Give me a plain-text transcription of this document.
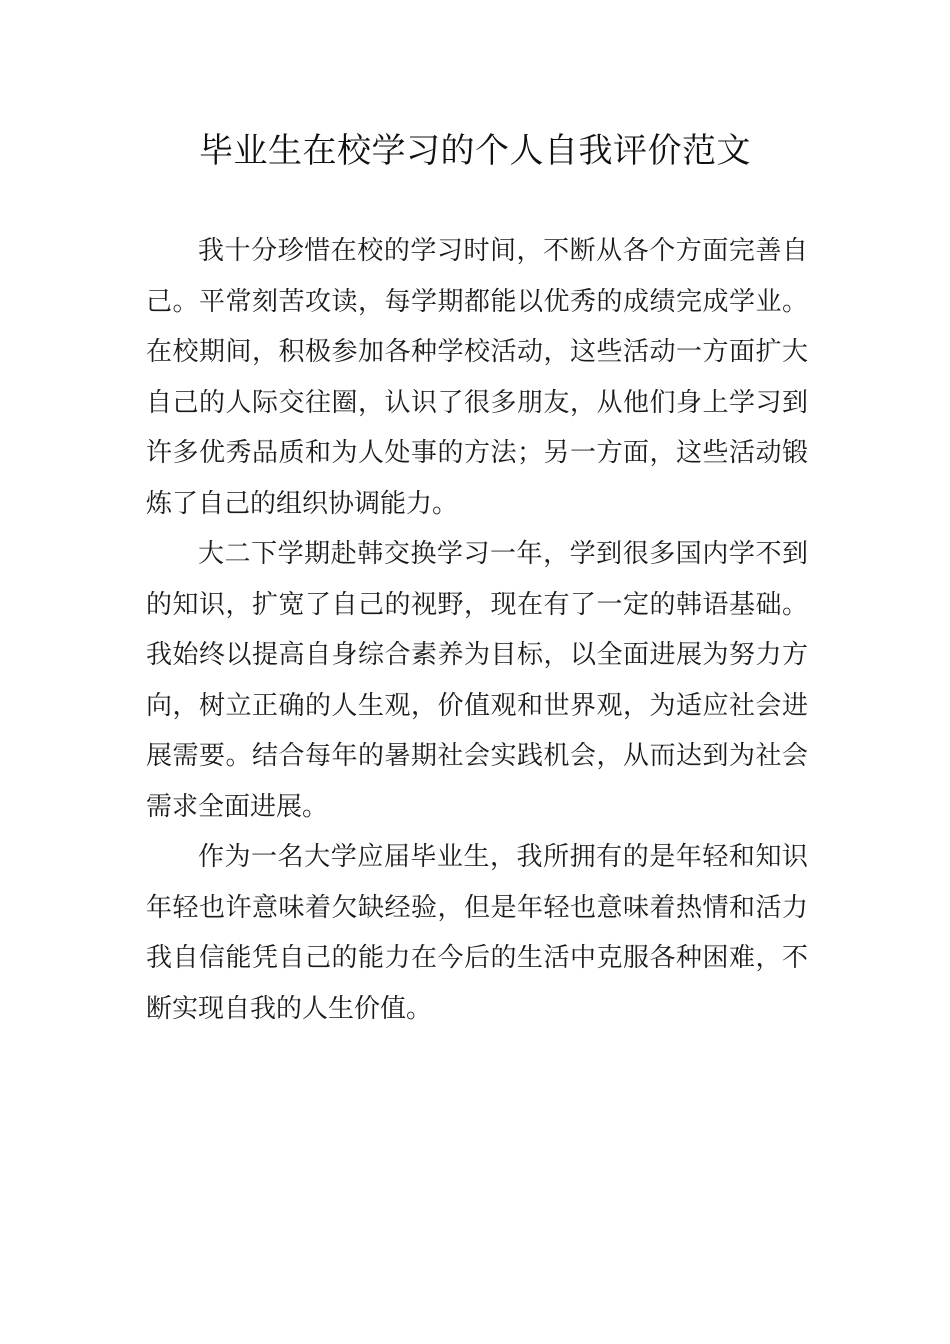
毕业生在校学习的个人自我评价范文

我十分珍惜在校的学习时间，不断从各个方面完善自己。平常刻苦攻读，每学期都能以优秀的成绩完成学业。在校期间，积极参加各种学校活动，这些活动一方面扩大自己的人际交往圈，认识了很多朋友，从他们身上学习到许多优秀品质和为人处事的方法；另一方面，这些活动锻炼了自己的组织协调能力。

大二下学期赴韩交换学习一年，学到很多国内学不到的知识，扩宽了自己的视野，现在有了一定的韩语基础。我始终以提高自身综合素养为目标，以全面进展为努力方向，树立正确的人生观，价值观和世界观，为适应社会进展需要。结合每年的暑期社会实践机会，从而达到为社会需求全面进展。

作为一名大学应届毕业生，我所拥有的是年轻和知识年轻也许意味着欠缺经验，但是年轻也意味着热情和活力我自信能凭自己的能力在今后的生活中克服各种困难，不断实现自我的人生价值。
